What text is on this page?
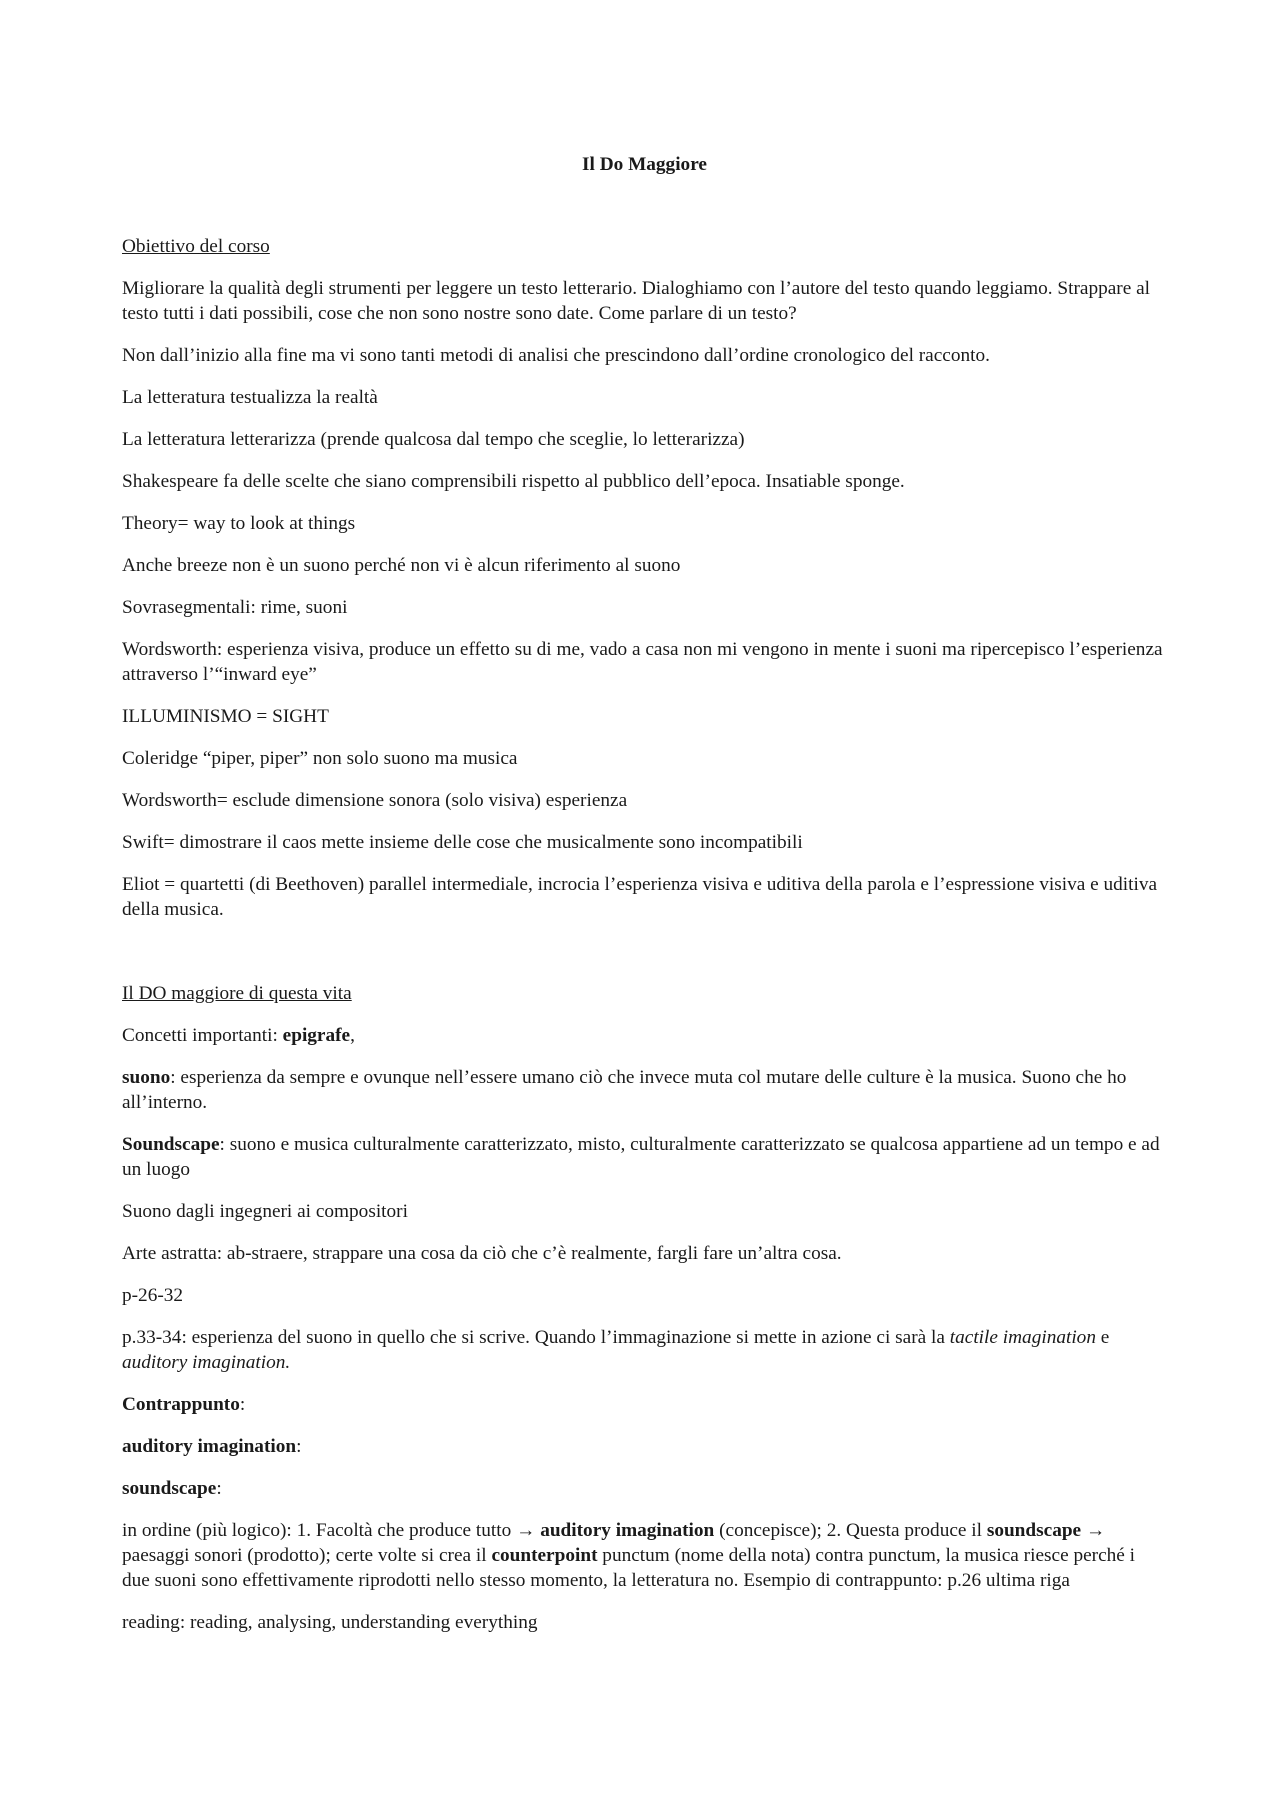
Il Do Maggiore
Obiettivo del corso
Migliorare la qualità degli strumenti per leggere un testo letterario. Dialoghiamo con l’autore del testo quando leggiamo. Strappare al testo tutti i dati possibili, cose che non sono nostre sono date. Come parlare di un testo?
Non dall’inizio alla fine ma vi sono tanti metodi di analisi che prescindono dall’ordine cronologico del racconto.
La letteratura testualizza la realtà
La letteratura letterarizza (prende qualcosa dal tempo che sceglie, lo letterarizza)
Shakespeare fa delle scelte che siano comprensibili rispetto al pubblico dell’epoca. Insatiable sponge.
Theory= way to look at things
Anche breeze non è un suono perché non vi è alcun riferimento al suono
Sovrasegmentali: rime, suoni
Wordsworth: esperienza visiva, produce un effetto su di me, vado a casa non mi vengono in mente i suoni ma ripercepisco l’esperienza attraverso l’“inward eye”
ILLUMINISMO = SIGHT
Coleridge “piper, piper” non solo suono ma musica
Wordsworth= esclude dimensione sonora (solo visiva) esperienza
Swift= dimostrare il caos mette insieme delle cose che musicalmente sono incompatibili
Eliot = quartetti (di Beethoven) parallel intermediale, incrocia l’esperienza visiva e uditiva della parola e l’espressione visiva e uditiva della musica.
Il DO maggiore di questa vita
Concetti importanti: epigrafe,
suono: esperienza da sempre e ovunque nell’essere umano ciò che invece muta col mutare delle culture è la musica. Suono che ho all’interno.
Soundscape: suono e musica culturalmente caratterizzato, misto, culturalmente caratterizzato se qualcosa appartiene ad un tempo e ad un luogo
Suono dagli ingegneri ai compositori
Arte astratta: ab-straere, strappare una cosa da ciò che c’è realmente, fargli fare un’altra cosa.
p-26-32
p.33-34: esperienza del suono in quello che si scrive. Quando l’immaginazione si mette in azione ci sarà la tactile imagination e auditory imagination.
Contrappunto:
auditory imagination:
soundscape:
in ordine (più logico): 1. Facoltà che produce tutto → auditory imagination (concepisce); 2. Questa produce il soundscape → paesaggi sonori (prodotto); certe volte si crea il counterpoint punctum (nome della nota) contra punctum, la musica riesce perché i due suoni sono effettivamente riprodotti nello stesso momento, la letteratura no. Esempio di contrappunto: p.26 ultima riga
reading: reading, analysing, understanding everything
